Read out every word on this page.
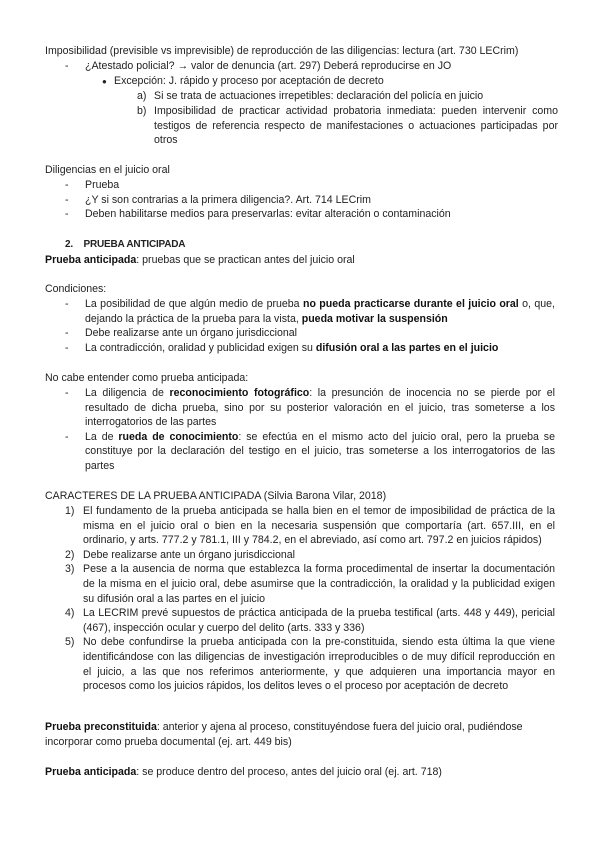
Imposibilidad (previsible vs imprevisible) de reproducción de las diligencias: lectura (art. 730 LECrim)

- ¿Atestado policial? → valor de denuncia (art. 297) Deberá reproducirse en JO

● Excepción: J. rápido y proceso por aceptación de decreto

a) Si se trata de actuaciones irrepetibles: declaración del policía en juicio

b) Imposibilidad de practicar actividad probatoria inmediata: pueden intervenir como testigos de referencia respecto de manifestaciones o actuaciones participadas por otros

Diligencias en el juicio oral

- Prueba
- ¿Y si son contrarias a la primera diligencia?. Art. 714 LECrim
- Deben habilitarse medios para preservarlas: evitar alteración o contaminación

2. PRUEBA ANTICIPADA

Prueba anticipada: pruebas que se practican antes del juicio oral

Condiciones:

- La posibilidad de que algún medio de prueba no pueda practicarse durante el juicio oral o, que, dejando la práctica de la prueba para la vista, pueda motivar la suspensión
- Debe realizarse ante un órgano jurisdiccional
- La contradicción, oralidad y publicidad exigen su difusión oral a las partes en el juicio

No cabe entender como prueba anticipada:

- La diligencia de reconocimiento fotográfico: la presunción de inocencia no se pierde por el resultado de dicha prueba, sino por su posterior valoración en el juicio, tras someterse a los interrogatorios de las partes
- La de rueda de conocimiento: se efectúa en el mismo acto del juicio oral, pero la prueba se constituye por la declaración del testigo en el juicio, tras someterse a los interrogatorios de las partes

CARACTERES DE LA PRUEBA ANTICIPADA (Silvia Barona Vilar, 2018)

1) El fundamento de la prueba anticipada se halla bien en el temor de imposibilidad de práctica de la misma en el juicio oral o bien en la necesaria suspensión que comportaría (art. 657.III, en el ordinario, y arts. 777.2 y 781.1, III y 784.2, en el abreviado, así como art. 797.2 en juicios rápidos)
2) Debe realizarse ante un órgano jurisdiccional
3) Pese a la ausencia de norma que establezca la forma procedimental de insertar la documentación de la misma en el juicio oral, debe asumirse que la contradicción, la oralidad y la publicidad exigen su difusión oral a las partes en el juicio
4) La LECRIM prevé supuestos de práctica anticipada de la prueba testifical (arts. 448 y 449), pericial (467), inspección ocular y cuerpo del delito (arts. 333 y 336)
5) No debe confundirse la prueba anticipada con la pre-constituida, siendo esta última la que viene identificándose con las diligencias de investigación irreproducibles o de muy difícil reproducción en el juicio, a las que nos referimos anteriormente, y que adquieren una importancia mayor en procesos como los juicios rápidos, los delitos leves o el proceso por aceptación de decreto

Prueba preconstituida: anterior y ajena al proceso, constituyéndose fuera del juicio oral, pudiéndose incorporar como prueba documental (ej. art. 449 bis)

Prueba anticipada: se produce dentro del proceso, antes del juicio oral (ej. art. 718)
